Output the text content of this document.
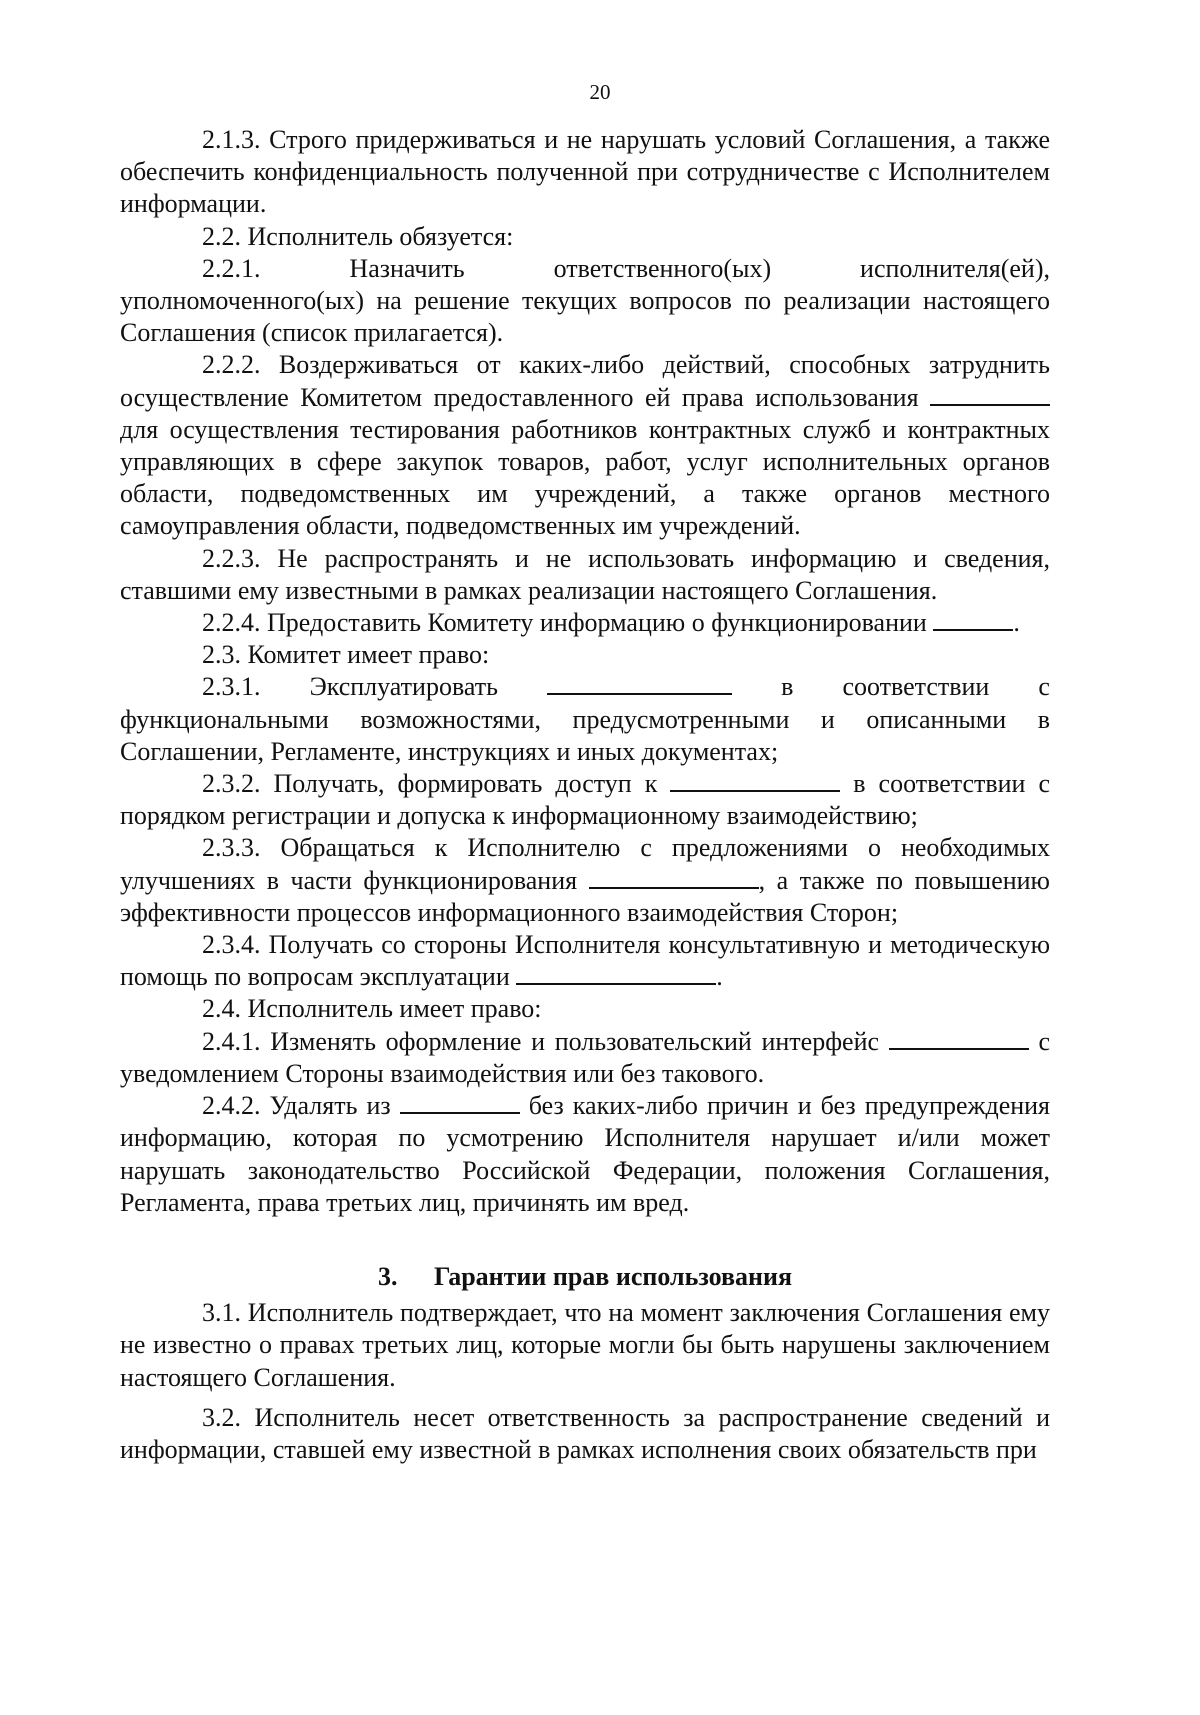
20

2.1.3. Строго придерживаться и не нарушать условий Соглашения, а также обеспечить конфиденциальность полученной при сотрудничестве с Исполнителем информации.

2.2. Исполнитель обязуется:

2.2.1.	Назначить	ответственного(ых)	исполнителя(ей),

уполномоченного(ых) на решение текущих вопросов по реализации настоящего Соглашения (список прилагается).

2.2.2. Воздерживаться от каких-либо действий, способных затруднить осуществление Комитетом предоставленного ей права использования  для осуществления тестирования работников контрактных служб и контрактных управляющих в сфере закупок товаров, работ, услуг исполнительных органов области, подведомственных им учреждений, а также органов местного самоуправления области, подведомственных им учреждений.

2.2.3. Не распространять и не использовать информацию и сведения, ставшими ему известными в рамках реализации настоящего Соглашения.

2.2.4. Предоставить Комитету информацию о функционировании	.

2.3. Комитет имеет право:

2.3.1. Эксплуатировать	в соответствии с

функциональными возможностями, предусмотренными и описанными в Соглашении, Регламенте, инструкциях и иных документах;

2.3.2. Получать, формировать доступ к	в соответствии с порядком регистрации и допуска к информационному взаимодействию;

2.3.3. Обращаться к Исполнителю с предложениями о необходимых улучшениях в части функционирования	, а также по повышению эффективности процессов информационного взаимодействия Сторон;

2.3.4. Получать со стороны Исполнителя консультативную и методическую помощь по вопросам эксплуатации	.

2.4. Исполнитель имеет право:

2.4.1. Изменять оформление и пользовательский интерфейс	с уведомлением Стороны взаимодействия или без такового.

2.4.2. Удалять из	без каких-либо причин и без предупреждения информацию, которая по усмотрению Исполнителя нарушает и/или может нарушать законодательство Российской Федерации, положения Соглашения, Регламента, права третьих лиц, причинять им вред.

3. Гарантии прав использования

3.1. Исполнитель подтверждает, что на момент заключения Соглашения ему не известно о правах третьих лиц, которые могли бы быть нарушены заключением настоящего Соглашения.

3.2. Исполнитель несет ответственность за распространение сведений и информации, ставшей ему известной в рамках исполнения своих обязательств при
